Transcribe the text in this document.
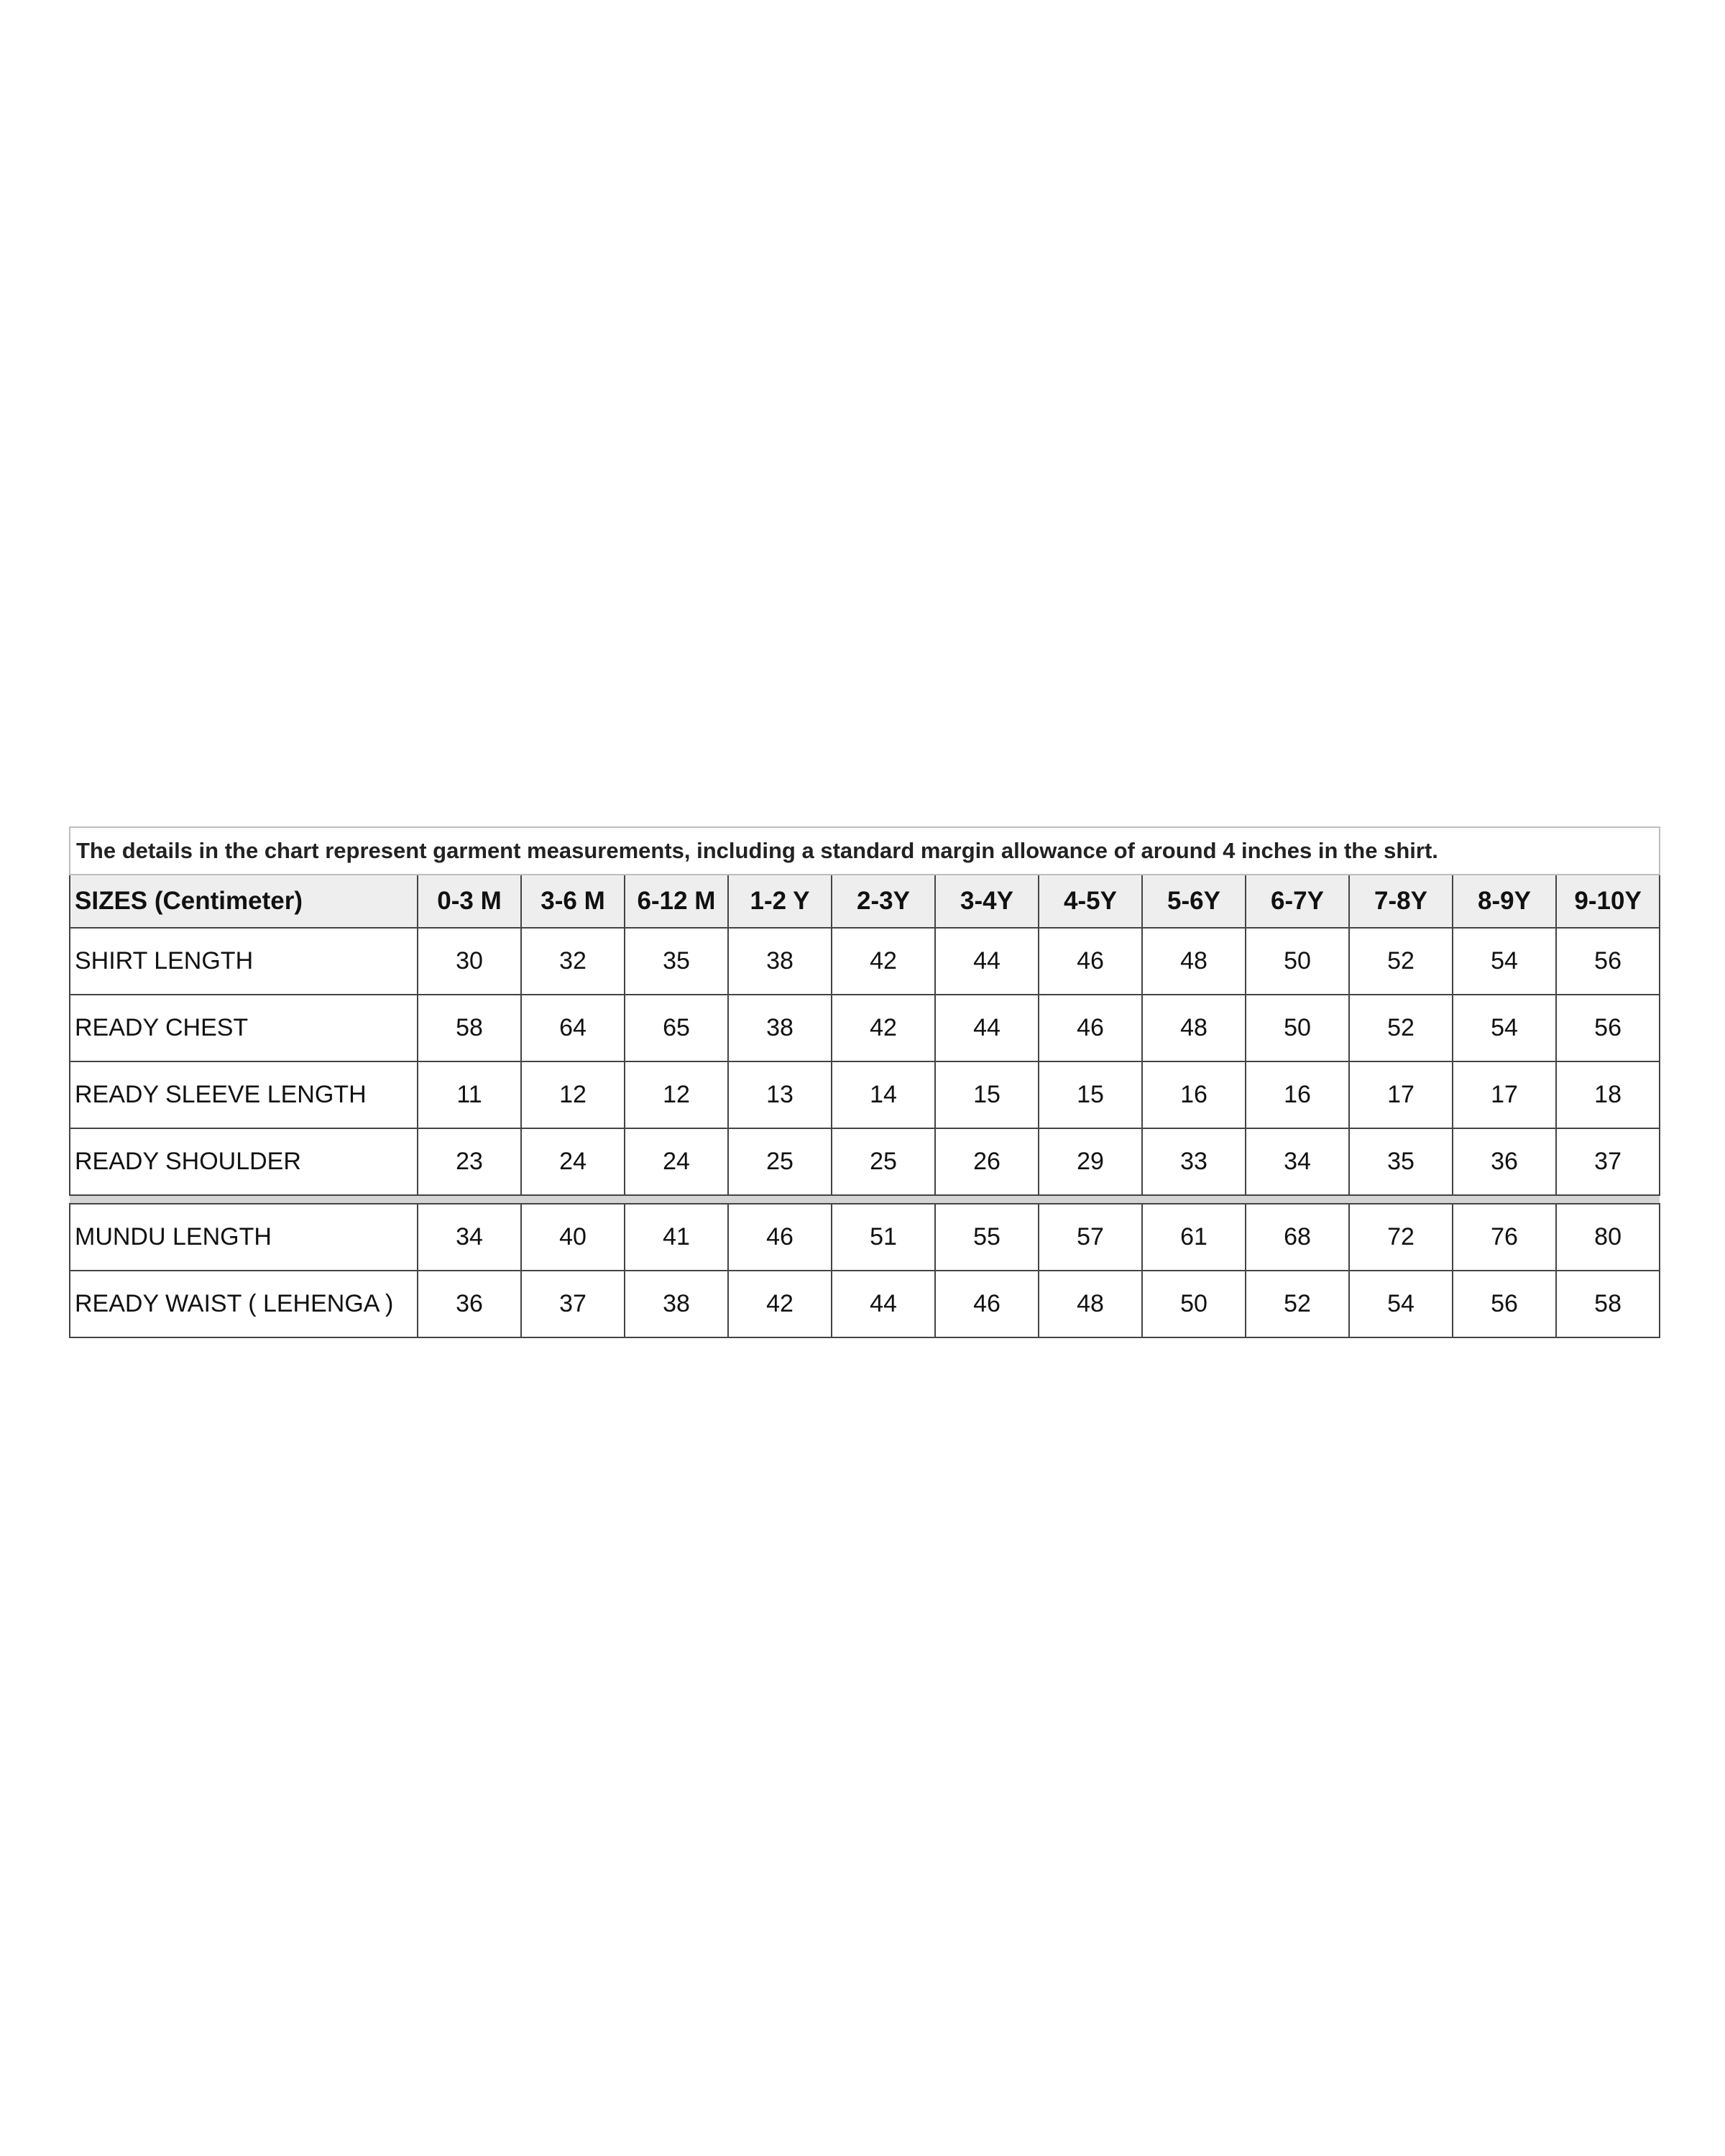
The details in the chart represent garment measurements, including a standard margin allowance of around 4 inches in the shirt.												
SIZES (Centimeter)	0-3 M	3-6 M	6-12 M	1-2 Y	2-3Y	3-4Y	4-5Y	5-6Y	6-7Y	7-8Y	8-9Y	9-10Y
SHIRT LENGTH	30	32	35	38	42	44	46	48	50	52	54	56
READY CHEST	58	64	65	38	42	44	46	48	50	52	54	56
READY SLEEVE LENGTH	11	12	12	13	14	15	15	16	16	17	17	18
READY SHOULDER	23	24	24	25	25	26	29	33	34	35	36	37

MUNDU LENGTH	34	40	41	46	51	55	57	61	68	72	76	80
READY WAIST ( LEHENGA )	36	37	38	42	44	46	48	50	52	54	56	58
